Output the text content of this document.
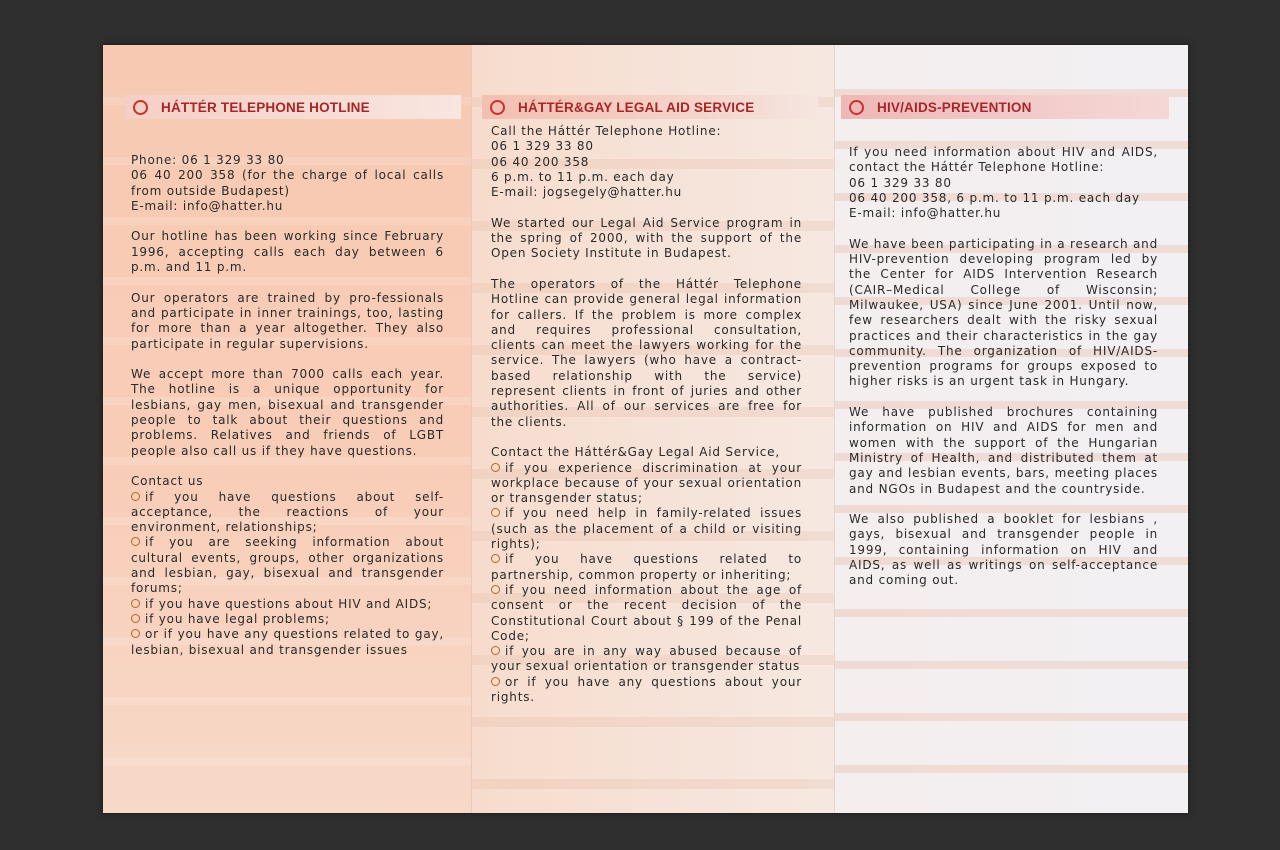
HÁTTÉR TELEPHONE HOTLINE

Phone: 06 1 329 33 80
06 40 200 358 (for the charge of local calls from outside Budapest)
E-mail: info@hatter.hu

Our hotline has been working since February 1996, accepting calls each day between 6 p.m. and 11 p.m.

Our operators are trained by pro-fessionals and participate in inner trainings, too, lasting for more than a year altogether. They also participate in regular supervisions.

We accept more than 7000 calls each year. The hotline is a unique opportunity for lesbians, gay men, bisexual and transgender people to talk about their questions and problems. Relatives and friends of LGBT people also call us if they have questions.

Contact us
if you have questions about self-acceptance, the reactions of your environment, relationships;
if you are seeking information about cultural events, groups, other organizations and lesbian, gay, bisexual and transgender forums;
if you have questions about HIV and AIDS;
if you have legal problems;
or if you have any questions related to gay, lesbian, bisexual and transgender issues
HÁTTÉR&GAY LEGAL AID SERVICE

Call the Háttér Telephone Hotline:
06 1 329 33 80
06 40 200 358
6 p.m. to 11 p.m. each day
E-mail: jogsegely@hatter.hu

We started our Legal Aid Service program in the spring of 2000, with the support of the Open Society Institute in Budapest.

The operators of the Háttér Telephone Hotline can provide general legal information for callers. If the problem is more complex and requires professional consultation, clients can meet the lawyers working for the service. The lawyers (who have a contract-based relationship with the service) represent clients in front of juries and other authorities. All of our services are free for the clients.

Contact the Háttér&Gay Legal Aid Service,
if you experience discrimination at your workplace because of your sexual orientation or transgender status;
if you need help in family-related issues (such as the placement of a child or visiting rights);
if you have questions related to partnership, common property or inheriting;
if you need information about the age of consent or the recent decision of the Constitutional Court about § 199 of the Penal Code;
if you are in any way abused because of your sexual orientation or transgender status
or if you have any questions about your rights.
HIV/AIDS-PREVENTION

If you need information about HIV and AIDS, contact the Háttér Telephone Hotline:
06 1 329 33 80
06 40 200 358, 6 p.m. to 11 p.m. each day
E-mail: info@hatter.hu

We have been participating in a research and HIV-prevention developing program led by the Center for AIDS Intervention Research (CAIR–Medical College of Wisconsin; Milwaukee, USA) since June 2001. Until now, few researchers dealt with the risky sexual practices and their characteristics in the gay community. The organization of HIV/AIDS-prevention programs for groups exposed to higher risks is an urgent task in Hungary.

We have published brochures containing information on HIV and AIDS for men and women with the support of the Hungarian Ministry of Health, and distributed them at gay and lesbian events, bars, meeting places and NGOs in Budapest and the countryside.

We also published a booklet for lesbians , gays, bisexual and transgender people in 1999, containing information on HIV and AIDS, as well as writings on self-acceptance and coming out.
